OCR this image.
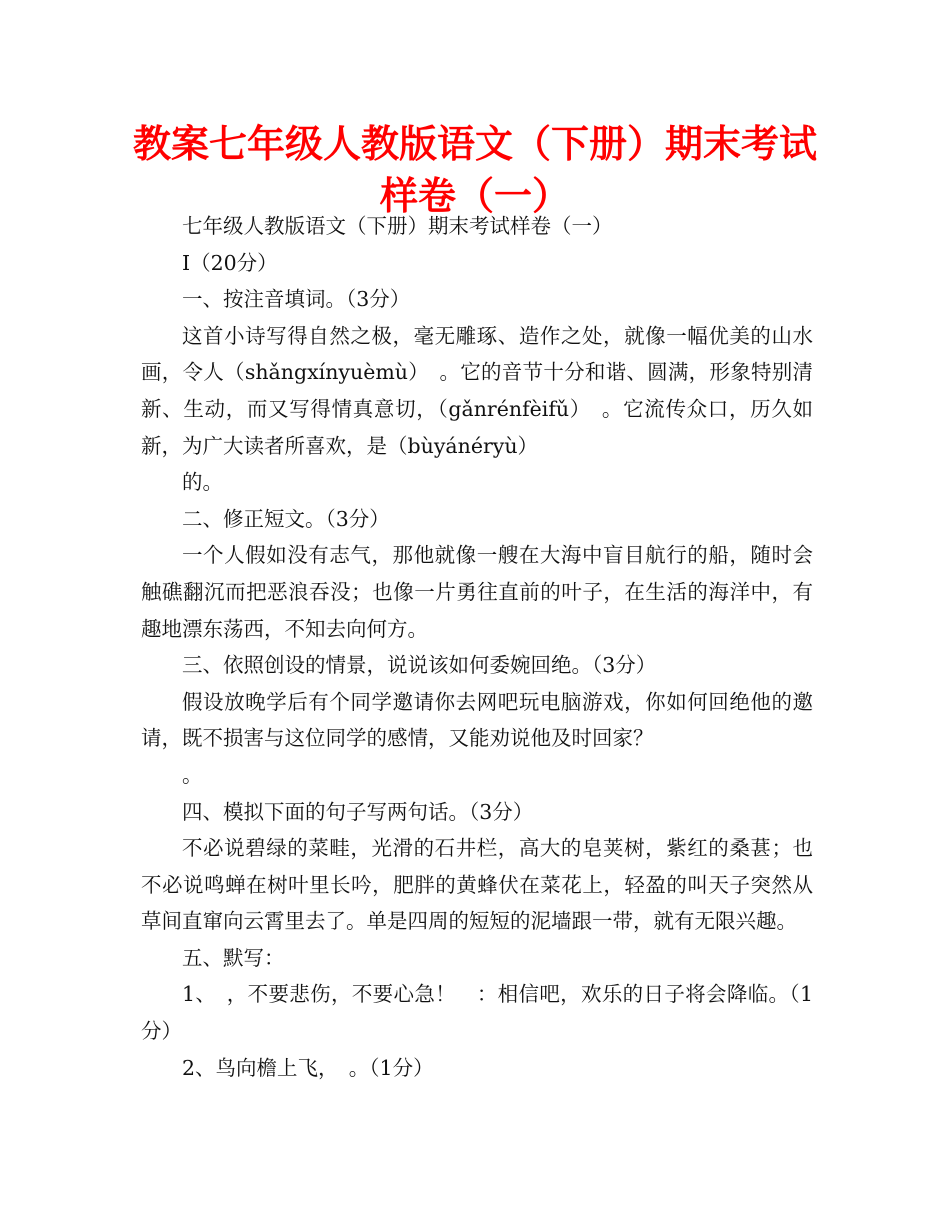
教案七年级人教版语文（下册）期末考试
样卷（一）

七年级人教版语文（下册）期末考试样卷（一）

I（20分）

一、按注音填词。（3分）

这首小诗写得自然之极，毫无雕琢、造作之处，就像一幅优美的山水画，令人（shǎngxínyuèmù）　。它的音节十分和谐、圆满，形象特别清新、生动，而又写得情真意切，（gǎnrénfèifǔ）　。它流传众口，历久如新，为广大读者所喜欢，是（bùyánéryù）

的。

二、修正短文。（3分）

一个人假如没有志气，那他就像一艘在大海中盲目航行的船，随时会触礁翻沉而把恶浪吞没；也像一片勇往直前的叶子，在生活的海洋中，有趣地漂东荡西，不知去向何方。

三、依照创设的情景，说说该如何委婉回绝。（3分）

假设放晚学后有个同学邀请你去网吧玩电脑游戏，你如何回绝他的邀请，既不损害与这位同学的感情，又能劝说他及时回家？

。

四、模拟下面的句子写两句话。（3分）

不必说碧绿的菜畦，光滑的石井栏，高大的皂荚树，紫红的桑葚；也不必说鸣蝉在树叶里长吟，肥胖的黄蜂伏在菜花上，轻盈的叫天子突然从草间直窜向云霄里去了。单是四周的短短的泥墙跟一带，就有无限兴趣。

五、默写：

1、　，不要悲伤，不要心急！　：相信吧，欢乐的日子将会降临。（1分）

2、鸟向檐上飞，　。（1分）
